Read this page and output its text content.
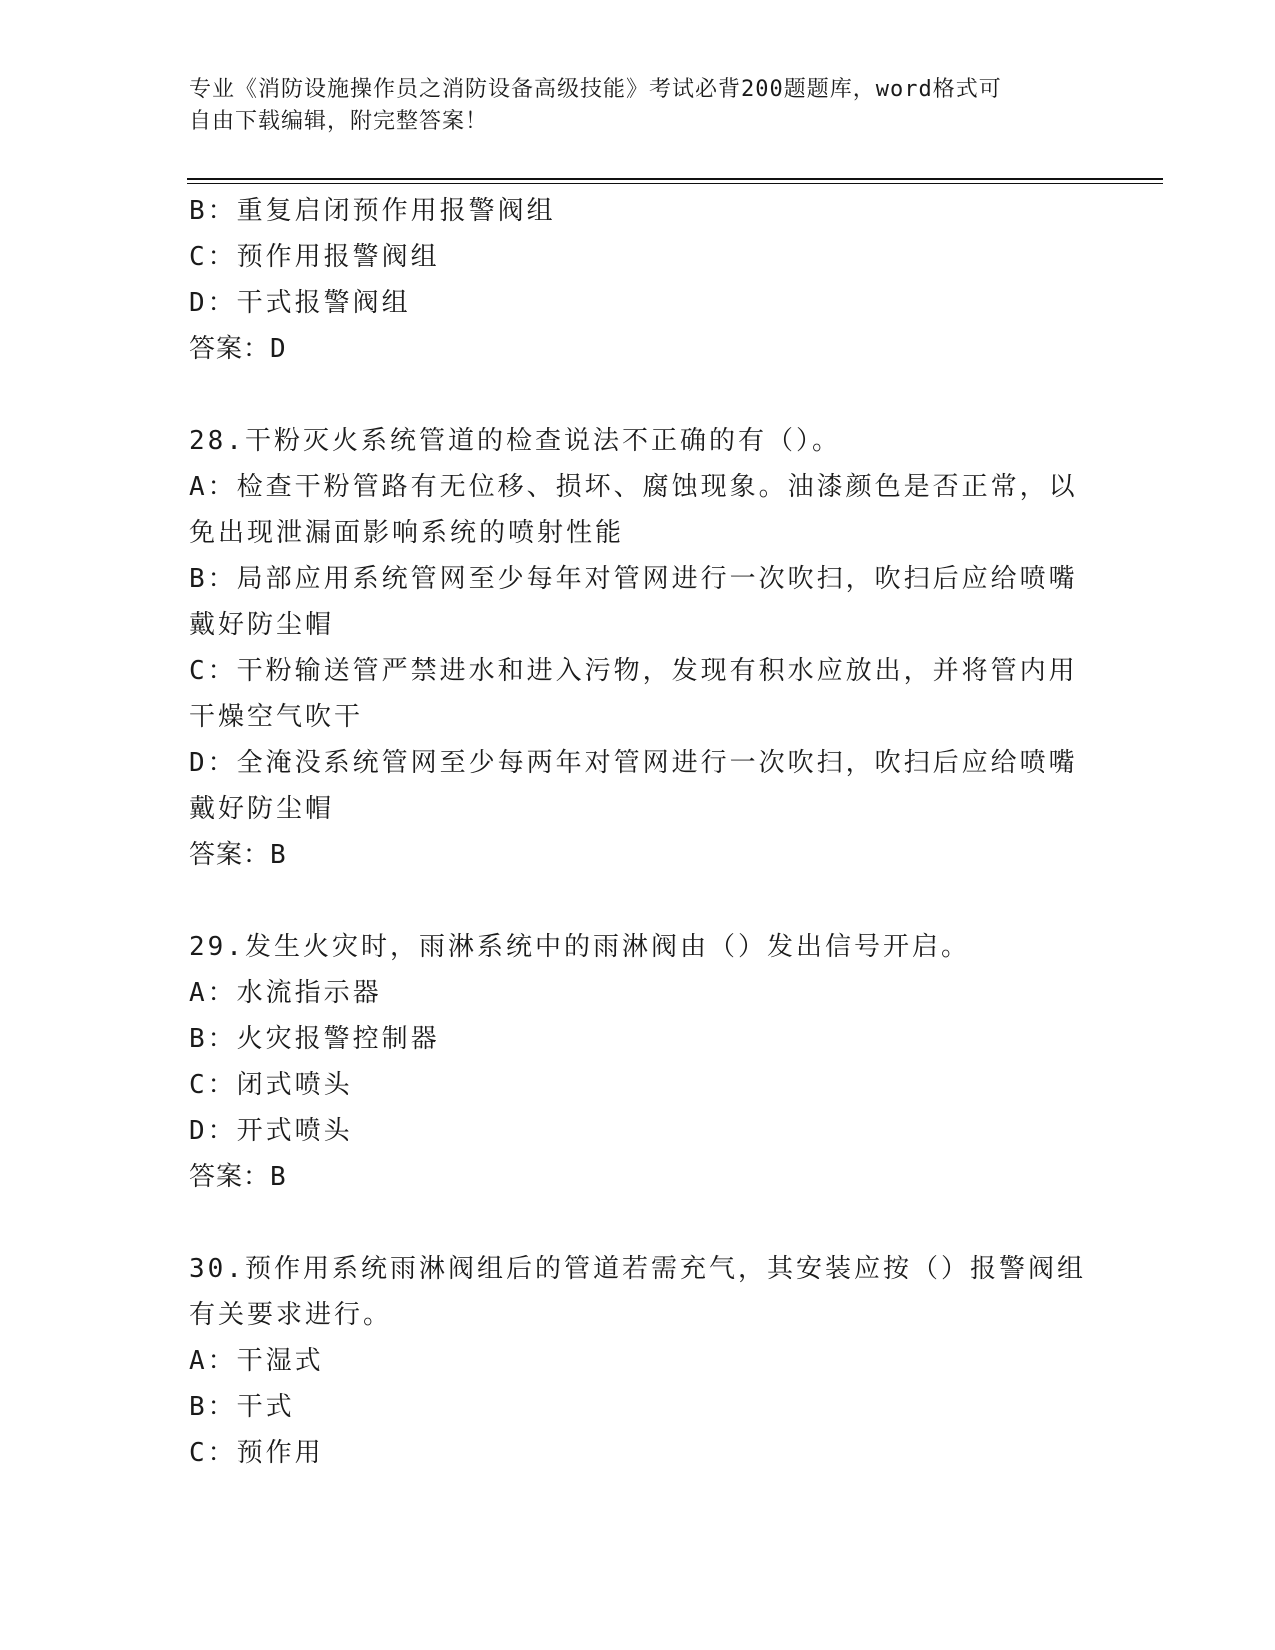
专业《消防设施操作员之消防设备高级技能》考试必背200题题库，word格式可
自由下载编辑，附完整答案！
B：重复启闭预作用报警阀组
C：预作用报警阀组
D：干式报警阀组
答案：D
28.干粉灭火系统管道的检查说法不正确的有（）。
A：检查干粉管路有无位移、损坏、腐蚀现象。油漆颜色是否正常，以
免出现泄漏面影响系统的喷射性能
B：局部应用系统管网至少每年对管网进行一次吹扫，吹扫后应给喷嘴
戴好防尘帽
C：干粉输送管严禁进水和进入污物，发现有积水应放出，并将管内用
干燥空气吹干
D：全淹没系统管网至少每两年对管网进行一次吹扫，吹扫后应给喷嘴
戴好防尘帽
答案：B
29.发生火灾时，雨淋系统中的雨淋阀由（）发出信号开启。
A：水流指示器
B：火灾报警控制器
C：闭式喷头
D：开式喷头
答案：B
30.预作用系统雨淋阀组后的管道若需充气，其安装应按（）报警阀组
有关要求进行。
A：干湿式
B：干式
C：预作用
